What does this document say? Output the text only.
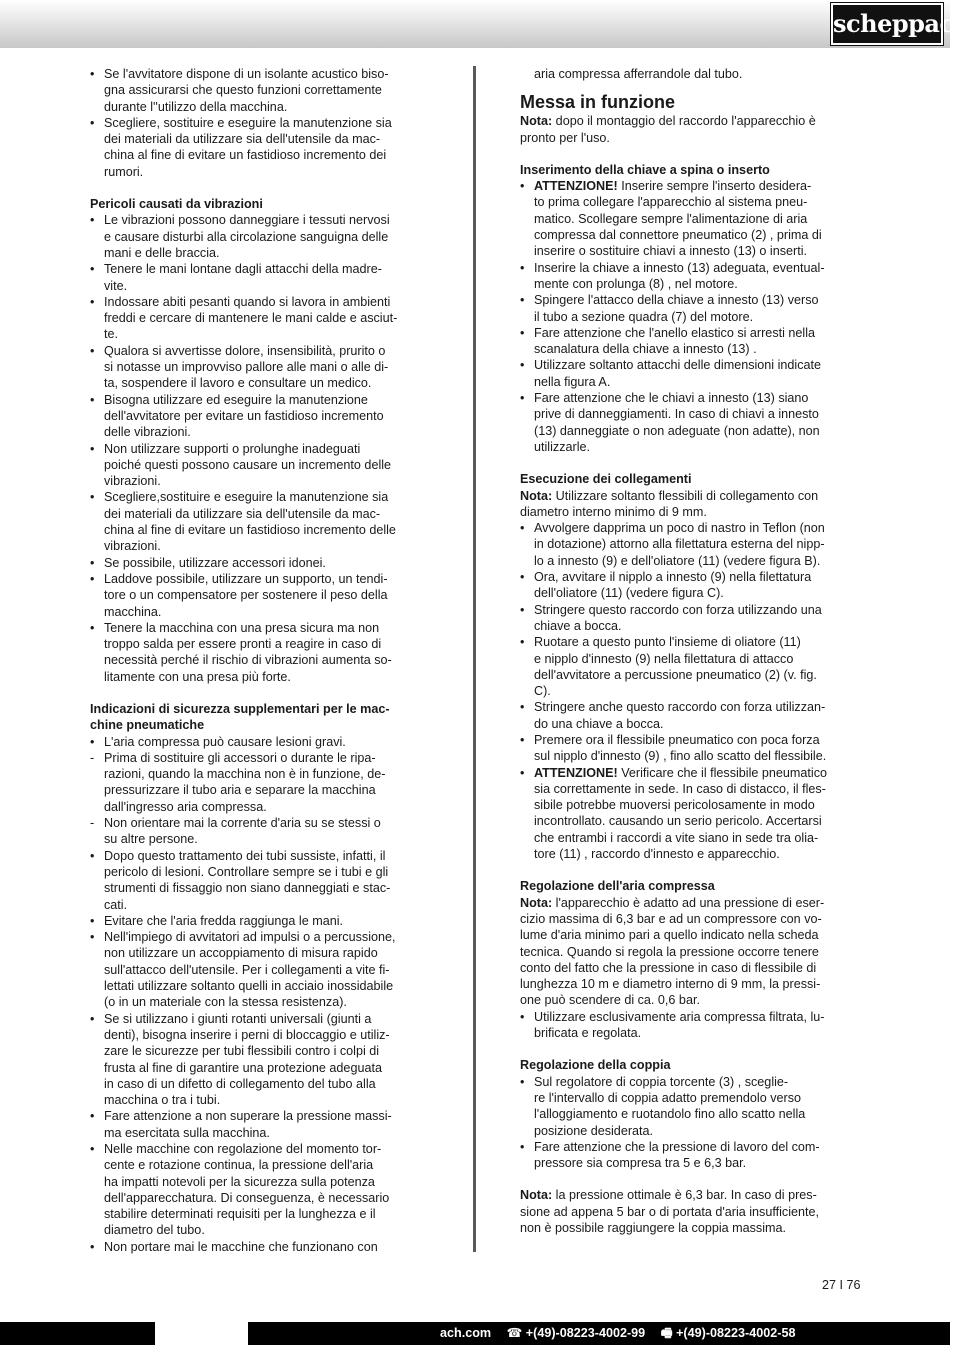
scheppach
• Se l'avvitatore dispone di un isolante acustico biso-

gna assicurarsi che questo funzioni correttamente

durante l''utilizzo della macchina.

• Scegliere, sostituire e eseguire la manutenzione sia

dei materiali da utilizzare sia dell'utensile da mac-

china al fine di evitare un fastidioso incremento dei

rumori.

Pericoli causati da vibrazioni

• Le vibrazioni possono danneggiare i tessuti nervosi

e causare disturbi alla circolazione sanguigna delle

mani e delle braccia.

• Tenere le mani lontane dagli attacchi della madre-

vite.

• Indossare abiti pesanti quando si lavora in ambienti

freddi e cercare di mantenere le mani calde e asciut-

te.

• Qualora si avvertisse dolore, insensibilità, prurito o

si notasse un improvviso pallore alle mani o alle di-

ta, sospendere il lavoro e consultare un medico.

• Bisogna utilizzare ed eseguire la manutenzione

dell'avvitatore per evitare un fastidioso incremento

delle vibrazioni.

• Non utilizzare supporti o prolunghe inadeguati

poiché questi possono causare un incremento delle

vibrazioni.

• Scegliere,sostituire e eseguire la manutenzione sia

dei materiali da utilizzare sia dell'utensile da mac-

china al fine di evitare un fastidioso incremento delle

vibrazioni.

• Se possibile, utilizzare accessori idonei.

• Laddove possibile, utilizzare un supporto, un tendi-

tore o un compensatore per sostenere il peso della

macchina.

• Tenere la macchina con una presa sicura ma non

troppo salda per essere pronti a reagire in caso di

necessità perché il rischio di vibrazioni aumenta so-

litamente con una presa più forte.

Indicazioni di sicurezza supplementari per le mac-

chine pneumatiche

• L'aria compressa può causare lesioni gravi.

- Prima di sostituire gli accessori o durante le ripa-

razioni, quando la macchina non è in funzione, de-

pressurizzare il tubo aria e separare la macchina

dall'ingresso aria compressa.

- Non orientare mai la corrente d'aria su se stessi o

su altre persone.

• Dopo questo trattamento dei tubi sussiste, infatti, il

pericolo di lesioni. Controllare sempre se i tubi e gli

strumenti di fissaggio non siano danneggiati e stac-

cati.

• Evitare che l'aria fredda raggiunga le mani.

• Nell'impiego di avvitatori ad impulsi o a percussione,

non utilizzare un accoppiamento di misura rapido

sull'attacco dell'utensile. Per i collegamenti a vite fi-

lettati utilizzare soltanto quelli in acciaio inossidabile

(o in un materiale con la stessa resistenza).

• Se si utilizzano i giunti rotanti universali (giunti a

denti), bisogna inserire i perni di bloccaggio e utiliz-

zare le sicurezze per tubi flessibili contro i colpi di

frusta al fine di garantire una protezione adeguata

in caso di un difetto di collegamento del tubo alla

macchina o tra i tubi.

• Fare attenzione a non superare la pressione massi-

ma esercitata sulla macchina.

• Nelle macchine con regolazione del momento tor-

cente e rotazione continua, la pressione dell'aria

ha impatti notevoli per la sicurezza sulla potenza

dell'apparecchatura. Di conseguenza, è necessario

stabilire determinati requisiti per la lunghezza e il

diametro del tubo.

• Non portare mai le macchine che funzionano con

aria compressa afferrandole dal tubo.

Messa in funzione

Nota: dopo il montaggio del raccordo l'apparecchio è

pronto per l'uso.

Inserimento della chiave a spina o inserto

• ATTENZIONE! Inserire sempre l'inserto desidera-

to prima collegare l'apparecchio al sistema pneu-

matico. Scollegare sempre l'alimentazione di aria

compressa dal connettore pneumatico (2) , prima di

inserire o sostituire chiavi a innesto (13) o inserti.

• Inserire la chiave a innesto (13) adeguata, eventual-

mente con prolunga (8) , nel motore.

• Spingere l'attacco della chiave a innesto (13) verso

il tubo a sezione quadra (7) del motore.

• Fare attenzione che l'anello elastico si arresti nella

scanalatura della chiave a innesto (13) .

• Utilizzare soltanto attacchi delle dimensioni indicate

nella figura A.

• Fare attenzione che le chiavi a innesto (13) siano

prive di danneggiamenti. In caso di chiavi a innesto

(13) danneggiate o non adeguate (non adatte), non

utilizzarle.

Esecuzione dei collegamenti

Nota: Utilizzare soltanto flessibili di collegamento con

diametro interno minimo di 9 mm.

• Avvolgere dapprima un poco di nastro in Teflon (non

in dotazione) attorno alla filettatura esterna del nipp-

lo a innesto (9) e dell'oliatore (11) (vedere figura B).

• Ora, avvitare il nipplo a innesto (9) nella filettatura

dell'oliatore (11) (vedere figura C).

• Stringere questo raccordo con forza utilizzando una

chiave a bocca.

• Ruotare a questo punto l'insieme di oliatore (11)

e nipplo d'innesto (9) nella filettatura di attacco

dell'avvitatore a percussione pneumatico (2) (v. fig.

C).

• Stringere anche questo raccordo con forza utilizzan-

do una chiave a bocca.

• Premere ora il flessibile pneumatico con poca forza

sul nipplo d'innesto (9) , fino allo scatto del flessibile.

• ATTENZIONE! Verificare che il flessibile pneumatico

sia correttamente in sede. In caso di distacco, il fles-

sibile potrebbe muoversi pericolosamente in modo

incontrollato. causando un serio pericolo. Accertarsi

che entrambi i raccordi a vite siano in sede tra olia-

tore (11) , raccordo d'innesto e apparecchio.

Regolazione dell'aria compressa

Nota: l'apparecchio è adatto ad una pressione di eser-

cizio massima di 6,3 bar e ad un compressore con vo-

lume d'aria minimo pari a quello indicato nella scheda

tecnica. Quando si regola la pressione occorre tenere

conto del fatto che la pressione in caso di flessibile di

lunghezza 10 m e diametro interno di 9 mm, la pressi-

one può scendere di ca. 0,6 bar.

• Utilizzare esclusivamente aria compressa filtrata, lu-

brificata e regolata.

Regolazione della coppia

• Sul regolatore di coppia torcente (3) , sceglie-

re l'intervallo di coppia adatto premendolo verso

l'alloggiamento e ruotandolo fino allo scatto nella

posizione desiderata.

• Fare attenzione che la pressione di lavoro del com-

pressore sia compresa tra 5 e 6,3 bar.

Nota: la pressione ottimale è 6,3 bar. In caso di pres-

sione ad appena 5 bar o di portata d'aria insufficiente,

non è possibile raggiungere la coppia massima.

27 I 76
ach.com ☎ +(49)-08223-4002-99 🖷 +(49)-08223-4002-58
